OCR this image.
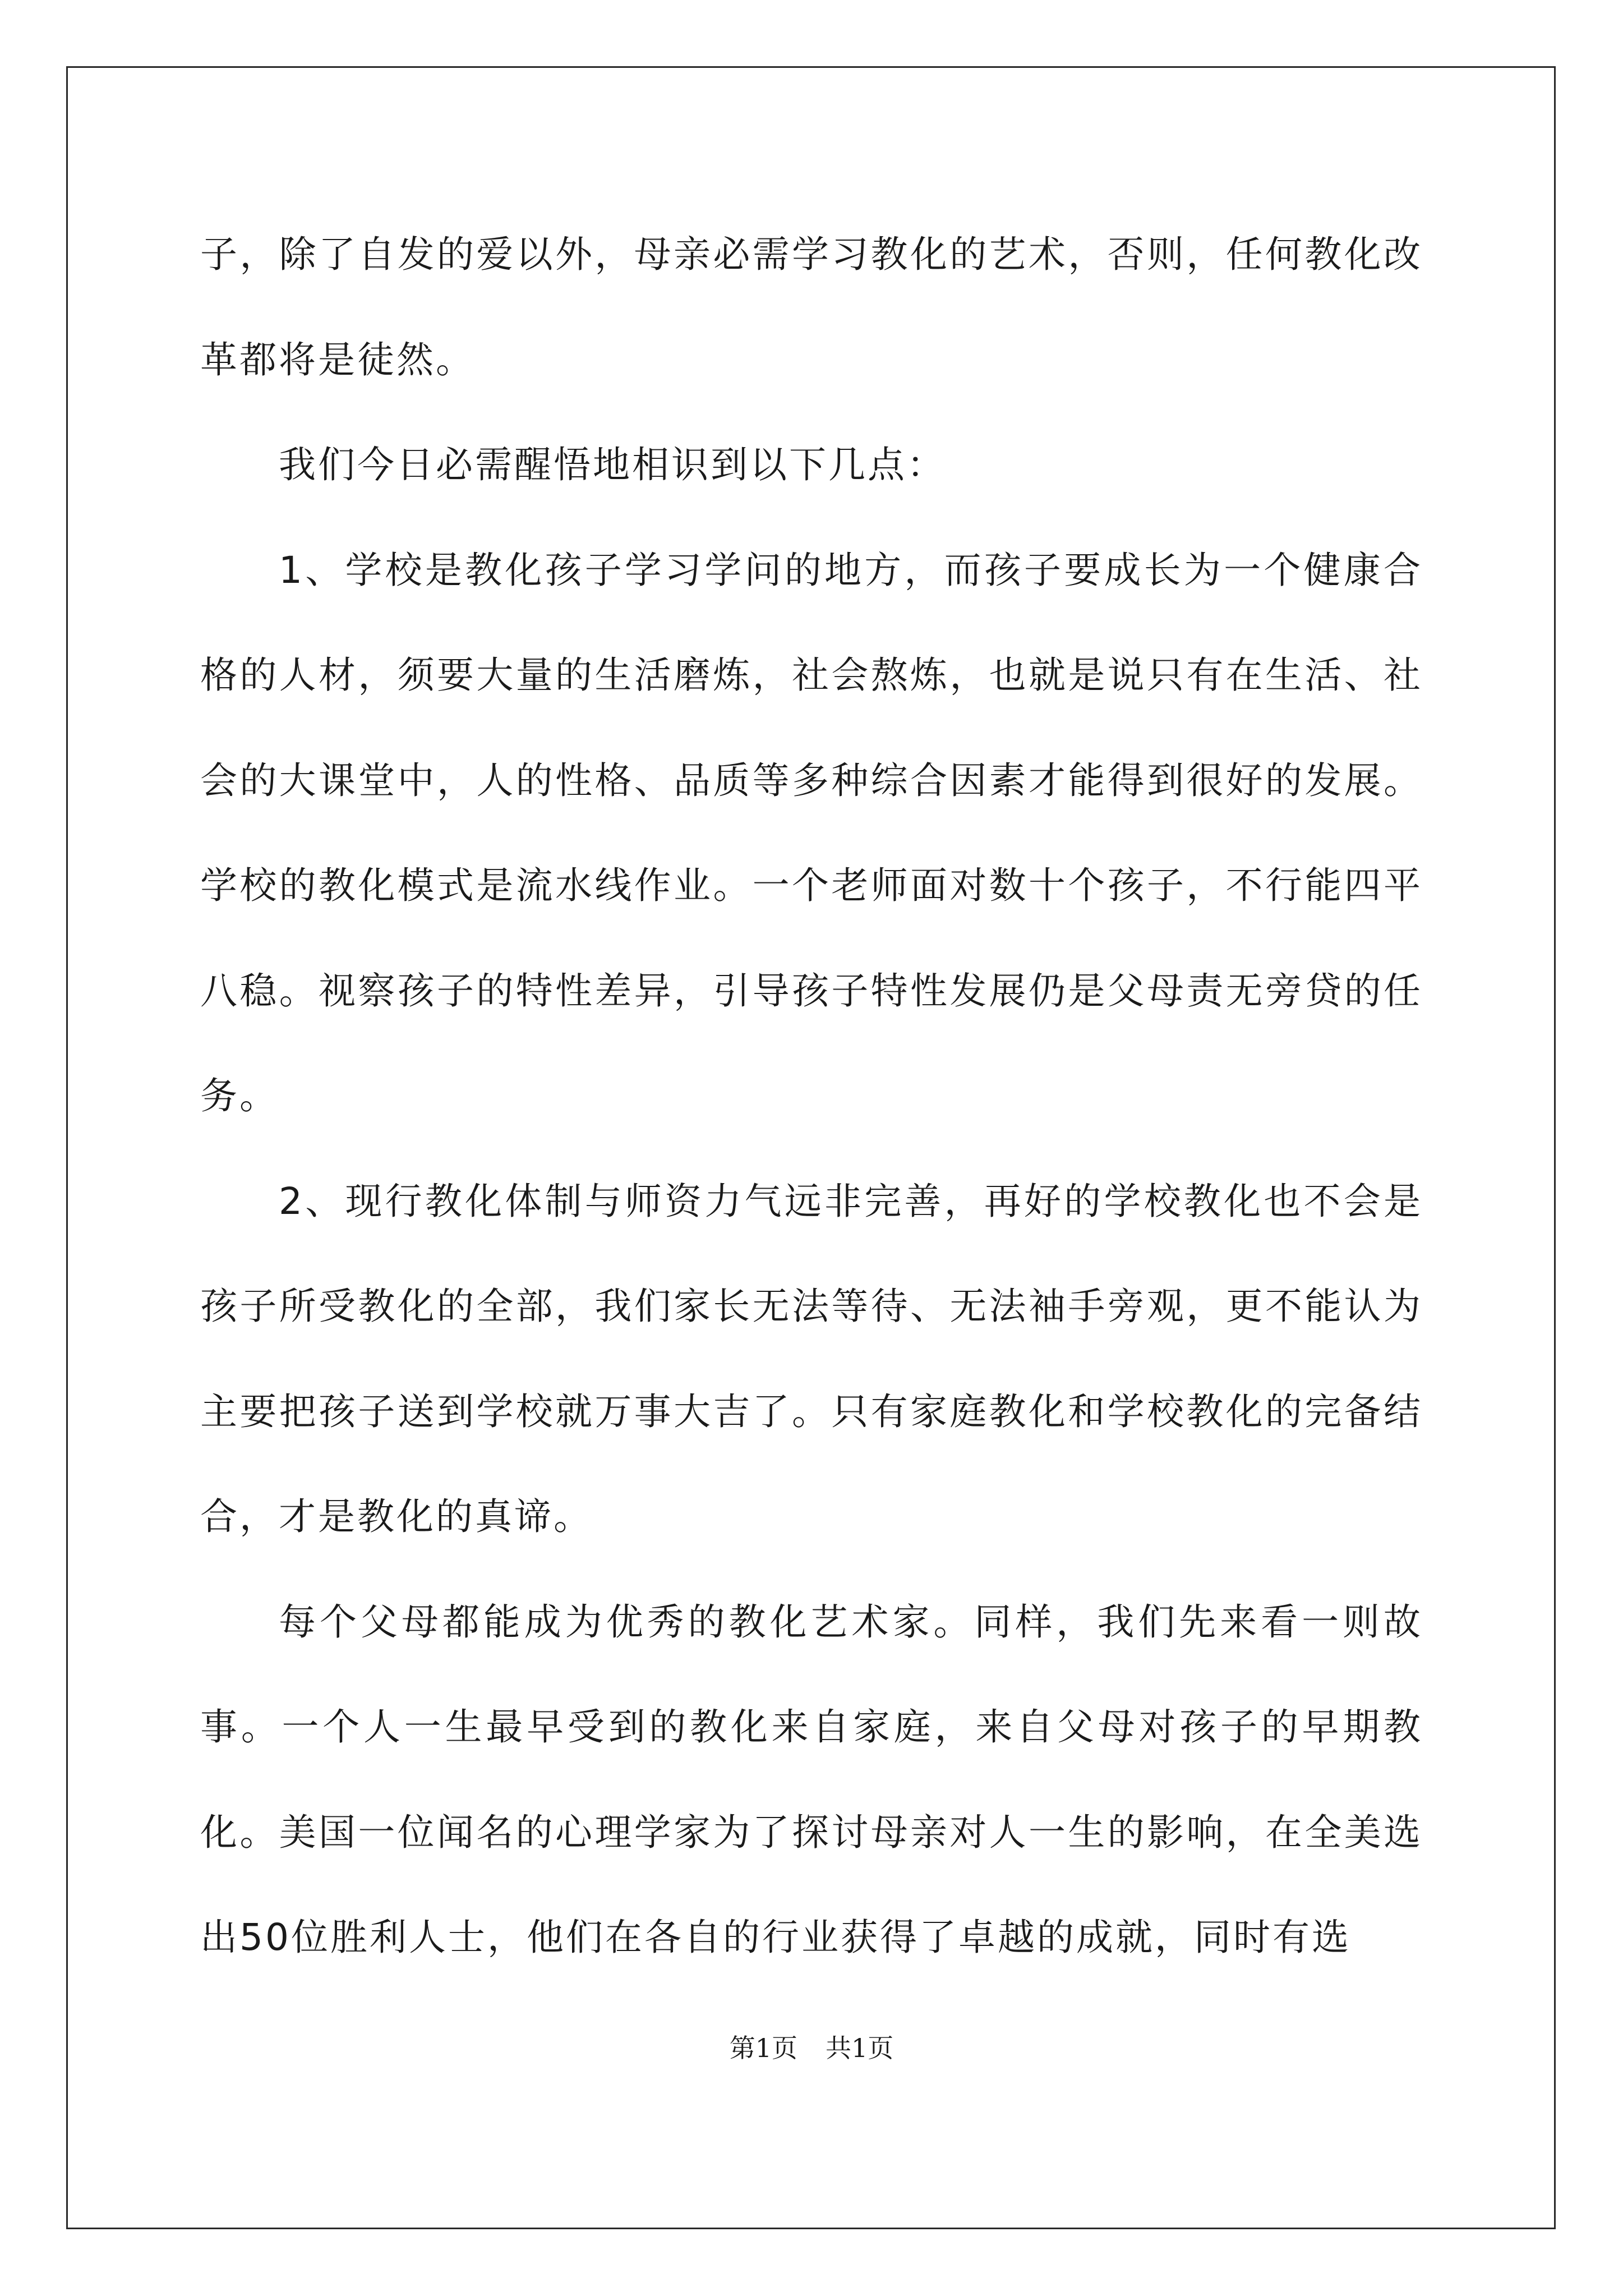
子，除了自发的爱以外，母亲必需学习教化的艺术，否则，任何教化改革都将是徒然。

我们今日必需醒悟地相识到以下几点：

1、学校是教化孩子学习学问的地方，而孩子要成长为一个健康合格的人材，须要大量的生活磨炼，社会熬炼，也就是说只有在生活、社会的大课堂中，人的性格、品质等多种综合因素才能得到很好的发展。学校的教化模式是流水线作业。一个老师面对数十个孩子，不行能四平八稳。视察孩子的特性差异，引导孩子特性发展仍是父母责无旁贷的任务。

2、现行教化体制与师资力气远非完善，再好的学校教化也不会是孩子所受教化的全部，我们家长无法等待、无法袖手旁观，更不能认为主要把孩子送到学校就万事大吉了。只有家庭教化和学校教化的完备结合，才是教化的真谛。

每个父母都能成为优秀的教化艺术家。同样，我们先来看一则故事。一个人一生最早受到的教化来自家庭，来自父母对孩子的早期教化。美国一位闻名的心理学家为了探讨母亲对人一生的影响，在全美选出50位胜利人士，他们在各自的行业获得了卓越的成就，同时有选

第1页 共1页
